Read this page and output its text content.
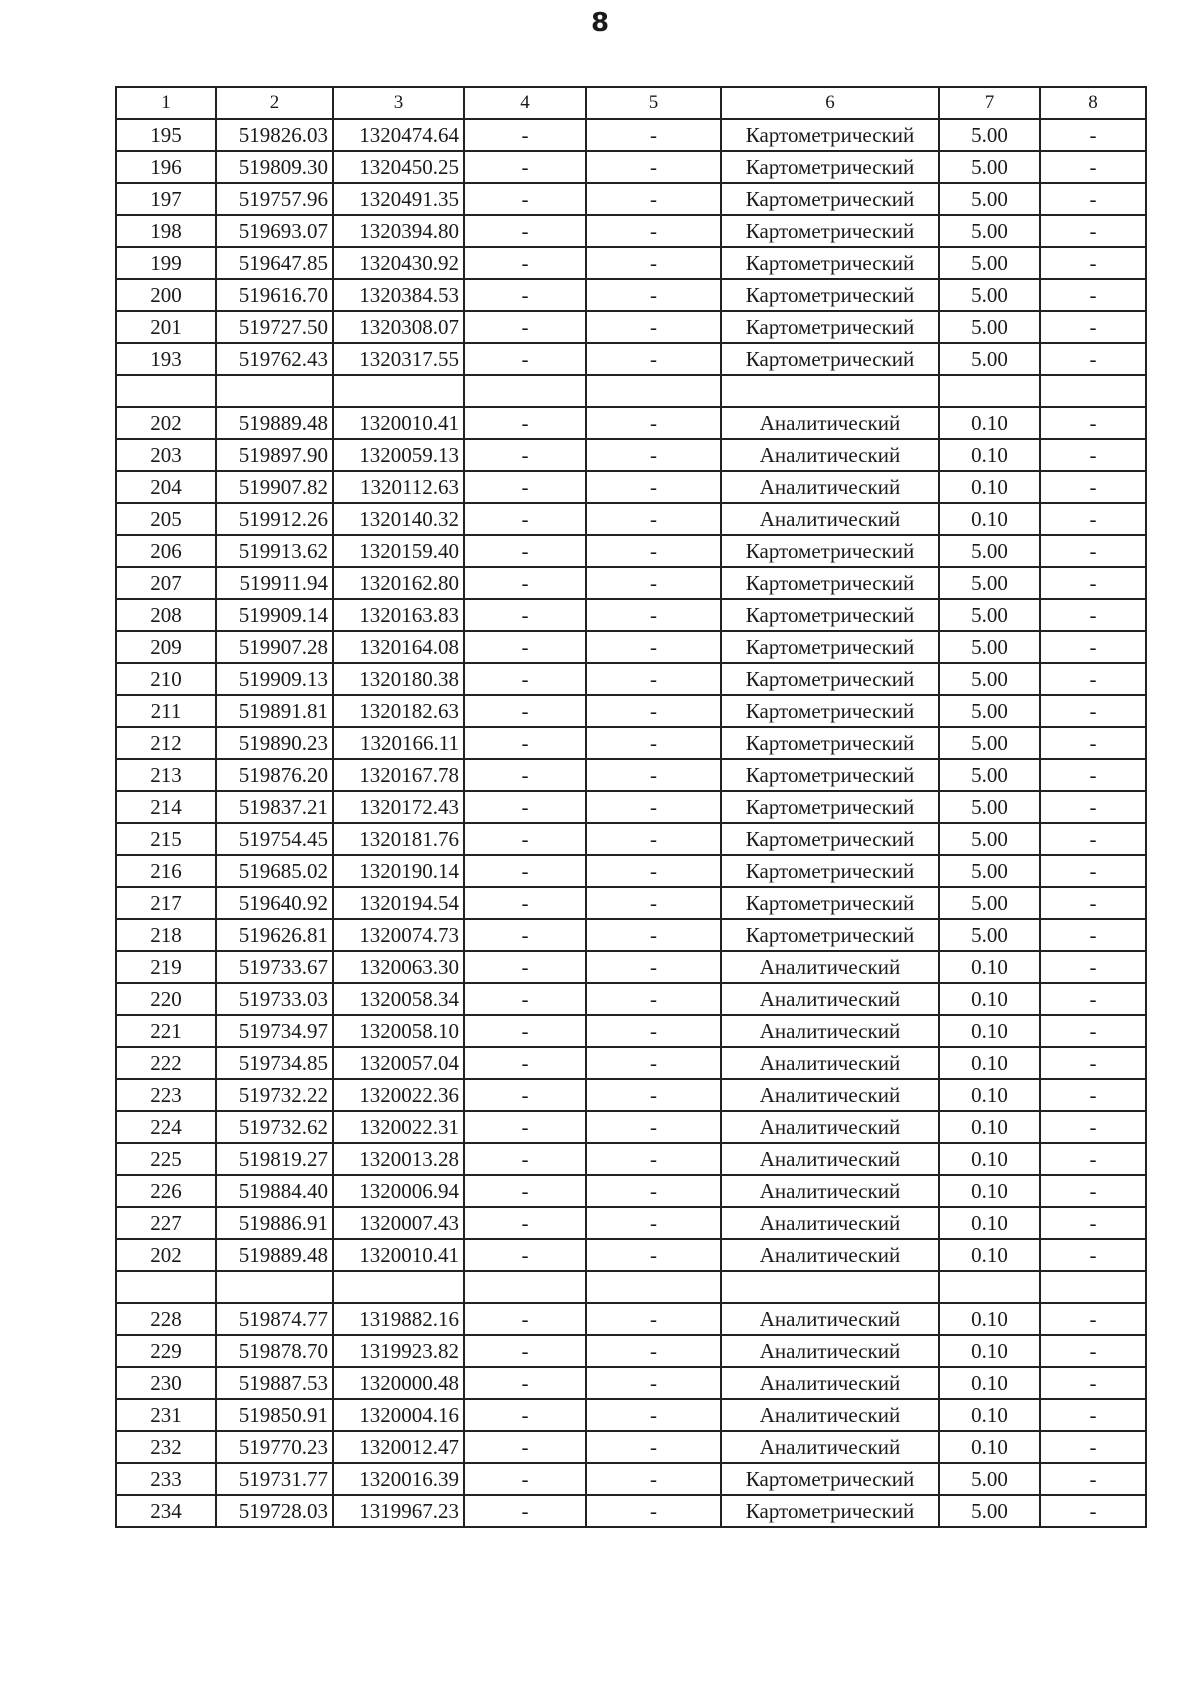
8
1	2	3	4	5	6	7	8
195	519826.03	1320474.64	-	-	Картометрический	5.00	-
196	519809.30	1320450.25	-	-	Картометрический	5.00	-
197	519757.96	1320491.35	-	-	Картометрический	5.00	-
198	519693.07	1320394.80	-	-	Картометрический	5.00	-
199	519647.85	1320430.92	-	-	Картометрический	5.00	-
200	519616.70	1320384.53	-	-	Картометрический	5.00	-
201	519727.50	1320308.07	-	-	Картометрический	5.00	-
193	519762.43	1320317.55	-	-	Картометрический	5.00	-

202	519889.48	1320010.41	-	-	Аналитический	0.10	-
203	519897.90	1320059.13	-	-	Аналитический	0.10	-
204	519907.82	1320112.63	-	-	Аналитический	0.10	-
205	519912.26	1320140.32	-	-	Аналитический	0.10	-
206	519913.62	1320159.40	-	-	Картометрический	5.00	-
207	519911.94	1320162.80	-	-	Картометрический	5.00	-
208	519909.14	1320163.83	-	-	Картометрический	5.00	-
209	519907.28	1320164.08	-	-	Картометрический	5.00	-
210	519909.13	1320180.38	-	-	Картометрический	5.00	-
211	519891.81	1320182.63	-	-	Картометрический	5.00	-
212	519890.23	1320166.11	-	-	Картометрический	5.00	-
213	519876.20	1320167.78	-	-	Картометрический	5.00	-
214	519837.21	1320172.43	-	-	Картометрический	5.00	-
215	519754.45	1320181.76	-	-	Картометрический	5.00	-
216	519685.02	1320190.14	-	-	Картометрический	5.00	-
217	519640.92	1320194.54	-	-	Картометрический	5.00	-
218	519626.81	1320074.73	-	-	Картометрический	5.00	-
219	519733.67	1320063.30	-	-	Аналитический	0.10	-
220	519733.03	1320058.34	-	-	Аналитический	0.10	-
221	519734.97	1320058.10	-	-	Аналитический	0.10	-
222	519734.85	1320057.04	-	-	Аналитический	0.10	-
223	519732.22	1320022.36	-	-	Аналитический	0.10	-
224	519732.62	1320022.31	-	-	Аналитический	0.10	-
225	519819.27	1320013.28	-	-	Аналитический	0.10	-
226	519884.40	1320006.94	-	-	Аналитический	0.10	-
227	519886.91	1320007.43	-	-	Аналитический	0.10	-
202	519889.48	1320010.41	-	-	Аналитический	0.10	-

228	519874.77	1319882.16	-	-	Аналитический	0.10	-
229	519878.70	1319923.82	-	-	Аналитический	0.10	-
230	519887.53	1320000.48	-	-	Аналитический	0.10	-
231	519850.91	1320004.16	-	-	Аналитический	0.10	-
232	519770.23	1320012.47	-	-	Аналитический	0.10	-
233	519731.77	1320016.39	-	-	Картометрический	5.00	-
234	519728.03	1319967.23	-	-	Картометрический	5.00	-
